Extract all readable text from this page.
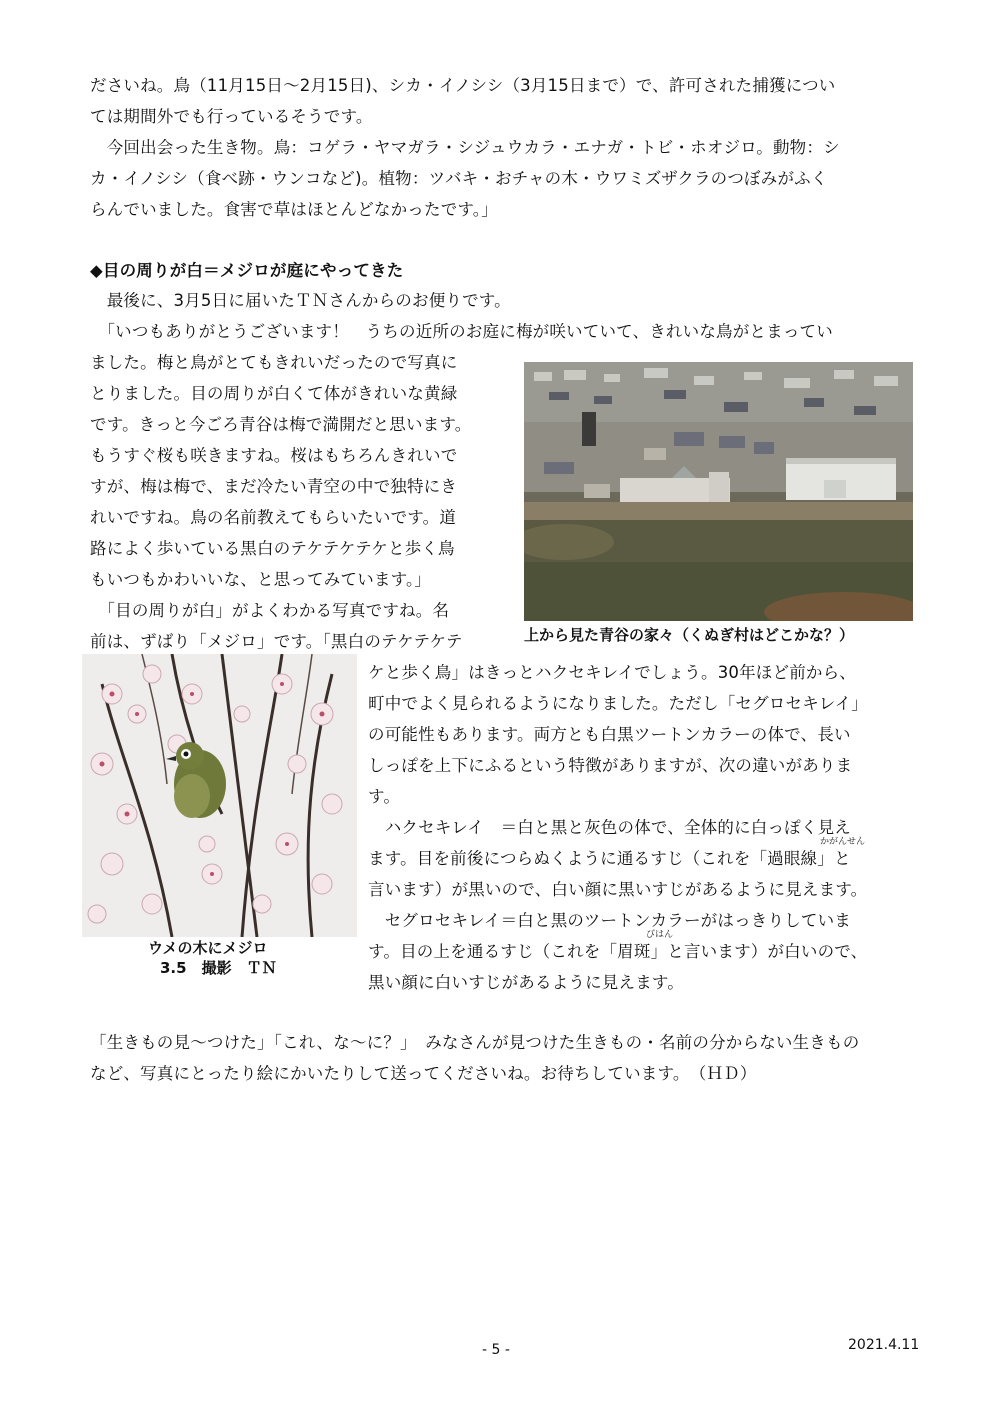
ださいね。鳥（11月15日〜2月15日)、シカ・イノシシ（3月15日まで）で、許可された捕獲につい
ては期間外でも行っているそうです。
　今回出会った生き物。鳥：コゲラ・ヤマガラ・シジュウカラ・エナガ・トビ・ホオジロ。動物：シ
カ・イノシシ（食べ跡・ウンコなど)。植物：ツバキ・おチャの木・ウワミズザクラのつぼみがふく
らんでいました。食害で草はほとんどなかったです。」
◆目の周りが白＝メジロが庭にやってきた
　最後に、3月5日に届いたＴＮさんからのお便りです。
　「いつもありがとうございます！　うちの近所のお庭に梅が咲いていて、きれいな鳥がとまってい
ました。梅と鳥がとてもきれいだったので写真に
とりました。目の周りが白くて体がきれいな黄緑
です。きっと今ごろ青谷は梅で満開だと思います。
もうすぐ桜も咲きますね。桜はもちろんきれいで
すが、梅は梅で、まだ冷たい青空の中で独特にき
れいですね。鳥の名前教えてもらいたいです。道
路によく歩いている黒白のテケテケテケと歩く鳥
もいつもかわいいな、と思ってみています。」
　「目の周りが白」がよくわかる写真ですね。名
前は、ずばり「メジロ」です。「黒白のテケテケテ	上から見た青谷の家々（くぬぎ村はどこかな？）
ウメの木にメジロ
3.5　撮影　ＴＮ
ケと歩く鳥」はきっとハクセキレイでしょう。30年ほど前から、
町中でよく見られるようになりました。ただし「セグロセキレイ」
の可能性もあります。両方とも白黒ツートンカラーの体で、長い
しっぽを上下にふるという特徴がありますが、次の違いがありま
す。
　ハクセキレイ　＝白と黒と灰色の体で、全体的に白っぽく見え
かがんせん
ます。目を前後につらぬくように通るすじ（これを「過眼線」と
言います）が黒いので、白い顔に黒いすじがあるように見えます。
　セグロセキレイ＝白と黒のツートンカラーがはっきりしていま
びはん
す。目の上を通るすじ（これを「眉斑」と言います）が白いので、
黒い顔に白いすじがあるように見えます。
「生きもの見〜つけた」「これ、な〜に？」　みなさんが見つけた生きもの・名前の分からない生きもの
など、写真にとったり絵にかいたりして送ってくださいね。お待ちしています。　（ＨＤ）
- 5 -	2021.4.11
